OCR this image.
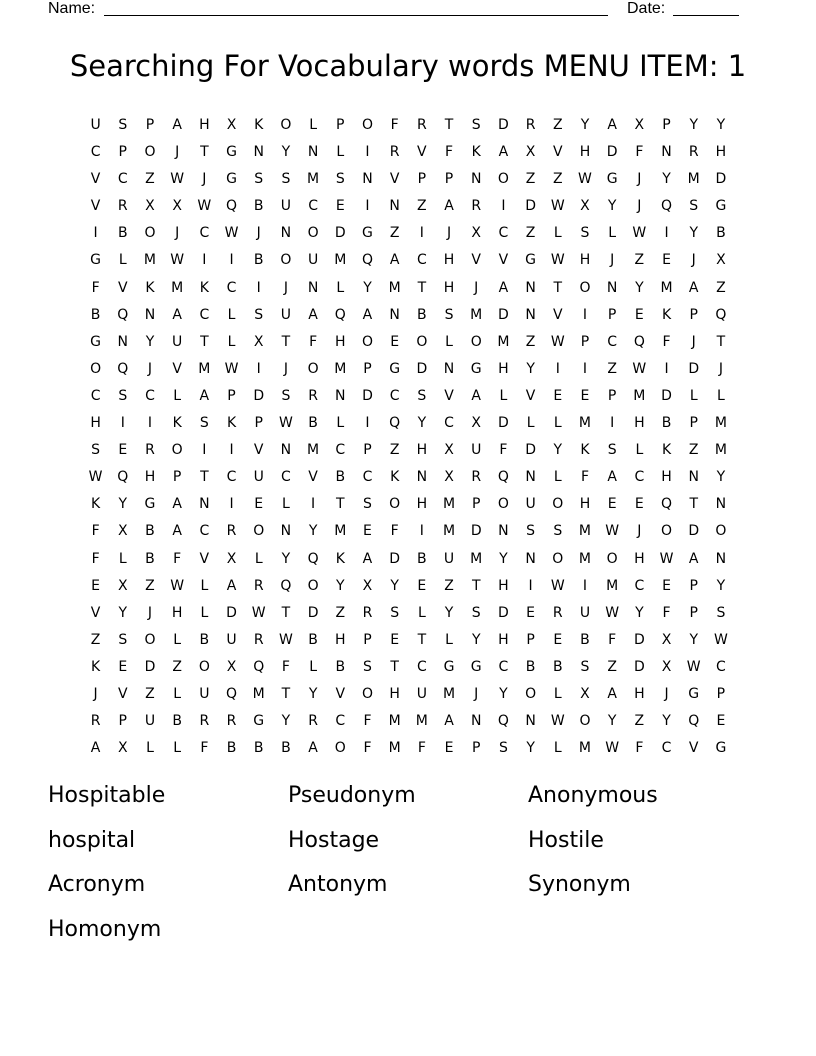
Name:	Date:
Searching For Vocabulary words MENU ITEM: 1
U	S	P	A	H	X	K	O	L	P	O	F	R	T	S	D	R	Z	Y	A	X	P	Y	Y
C	P	O	J	T	G	N	Y	N	L	I	R	V	F	K	A	X	V	H	D	F	N	R	H
V	C	Z	W	J	G	S	S	M	S	N	V	P	P	N	O	Z	Z	W	G	J	Y	M	D
V	R	X	X	W	Q	B	U	C	E	I	N	Z	A	R	I	D	W	X	Y	J	Q	S	G
I	B	O	J	C	W	J	N	O	D	G	Z	I	J	X	C	Z	L	S	L	W	I	Y	B
G	L	M	W	I	I	B	O	U	M	Q	A	C	H	V	V	G	W	H	J	Z	E	J	X
F	V	K	M	K	C	I	J	N	L	Y	M	T	H	J	A	N	T	O	N	Y	M	A	Z
B	Q	N	A	C	L	S	U	A	Q	A	N	B	S	M	D	N	V	I	P	E	K	P	Q
G	N	Y	U	T	L	X	T	F	H	O	E	O	L	O	M	Z	W	P	C	Q	F	J	T
O	Q	J	V	M	W	I	J	O	M	P	G	D	N	G	H	Y	I	I	Z	W	I	D	J
C	S	C	L	A	P	D	S	R	N	D	C	S	V	A	L	V	E	E	P	M	D	L	L
H	I	I	K	S	K	P	W	B	L	I	Q	Y	C	X	D	L	L	M	I	H	B	P	M
S	E	R	O	I	I	V	N	M	C	P	Z	H	X	U	F	D	Y	K	S	L	K	Z	M
W	Q	H	P	T	C	U	C	V	B	C	K	N	X	R	Q	N	L	F	A	C	H	N	Y
K	Y	G	A	N	I	E	L	I	T	S	O	H	M	P	O	U	O	H	E	E	Q	T	N
F	X	B	A	C	R	O	N	Y	M	E	F	I	M	D	N	S	S	M	W	J	O	D	O
F	L	B	F	V	X	L	Y	Q	K	A	D	B	U	M	Y	N	O	M	O	H	W	A	N
E	X	Z	W	L	A	R	Q	O	Y	X	Y	E	Z	T	H	I	W	I	M	C	E	P	Y
V	Y	J	H	L	D	W	T	D	Z	R	S	L	Y	S	D	E	R	U	W	Y	F	P	S
Z	S	O	L	B	U	R	W	B	H	P	E	T	L	Y	H	P	E	B	F	D	X	Y	W
K	E	D	Z	O	X	Q	F	L	B	S	T	C	G	G	C	B	B	S	Z	D	X	W	C
J	V	Z	L	U	Q	M	T	Y	V	O	H	U	M	J	Y	O	L	X	A	H	J	G	P
R	P	U	B	R	R	G	Y	R	C	F	M	M	A	N	Q	N	W	O	Y	Z	Y	Q	E
A	X	L	L	F	B	B	B	A	O	F	M	F	E	P	S	Y	L	M	W	F	C	V	G
Hospitable	Pseudonym	Anonymous
hospital	Hostage	Hostile
Acronym	Antonym	Synonym
Homonym
